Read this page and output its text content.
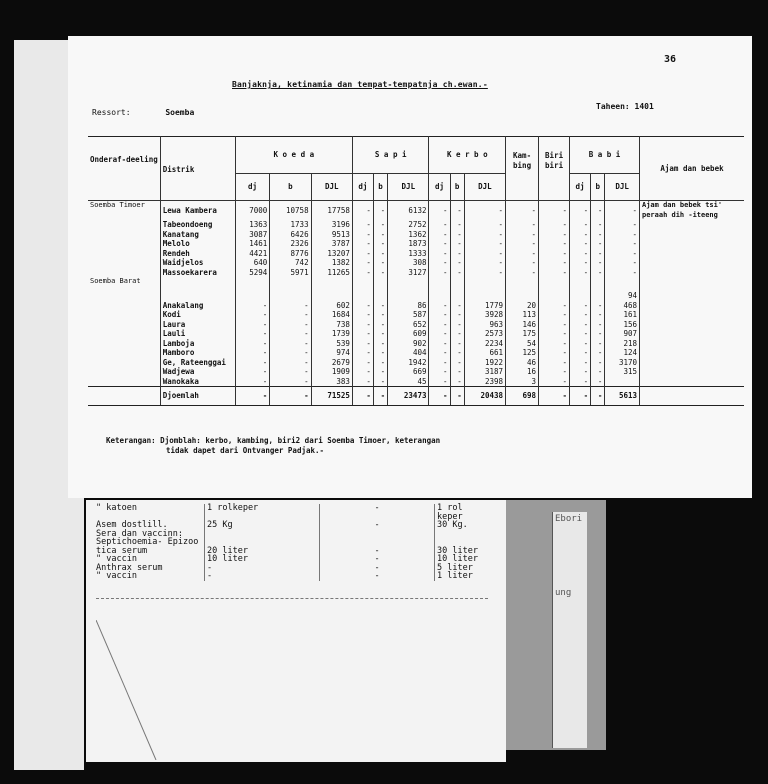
Ebori
ung
" katoen	1 rolkeper	-	1 rol keper
Asem dostlill.	25 Kg	-	30 Kg.

Sera dan vaccinn:			
Septichoemia- Epizoo			
tica serum	20 liter	-	30 liter
" vaccin	10 liter	-	10 liter
Anthrax serum	-	-	5 liter
" vaccin	-	-	1 liter
36
Banjaknja, ketinamia dan tempat-tempatnja ch.ewan.-
Ressort:	Soemba
Taheen: 1401
Onderaf-deeling	Distrik	K o e d a			S a p i			K e r b o			Kam-bing	Biri biri	B a b i			Ajam dan bebek
		dj	b	DJL	dj	b	DJL	dj	b	DJL			dj	b	DJL	
Soemba Timoer	Lewa Kambera	7000	10758	17758	-	-	6132	-	-	-	-	-	-	-	-	Ajam dan bebek tsi' peraah dih -iteeng
	Tabeondoeng	1363	1733	3196	-	-	2752	-	-	-	-	-	-	-	-	
	Kanatang	3087	6426	9513	-	-	1362	-	-	-	-	-	-	-	-	
	Melolo	1461	2326	3787	-	-	1873	-	-	-	-	-	-	-	-	
	Rendeh	4421	8776	13207	-	-	1333	-	-	-	-	-	-	-	-	
	Waidjelos	640	742	1382	-	-	308	-	-	-	-	-	-	-	-	
	Massoekarera	5294	5971	11265	-	-	3127	-	-	-	-	-	-	-	-	
Soemba Barat																
															94	
	Anakalang	-	-	602	-	-	86	-	-	1779	20	-	-	-	468	
	Kodi	-	-	1684	-	-	587	-	-	3928	113	-	-	-	161	
	Laura	-	-	738	-	-	652	-	-	963	146	-	-	-	156	
	Lauli	-	-	1739	-	-	609	-	-	2573	175	-	-	-	907	
	Lamboja	-	-	539	-	-	902	-	-	2234	54	-	-	-	218	
	Mamboro	-	-	974	-	-	404	-	-	661	125	-	-	-	124	
	Ge, Rateenggai	-	-	2679	-	-	1942	-	-	1922	46	-	-	-	3170	
	Wadjewa	-	-	1909	-	-	669	-	-	3187	16	-	-	-	315	
	Wanokaka	-	-	383	-	-	45	-	-	2398	3	-	-	-		
	Djoemlah	-	-	71525	-	-	23473	-	-	20438	698	-	-	-	5613	
Keterangan: Djomblah: kerbo, kambing, biri2 dari Soemba Timoer, keterangan
tidak dapet dari Ontvanger Padjak.-
